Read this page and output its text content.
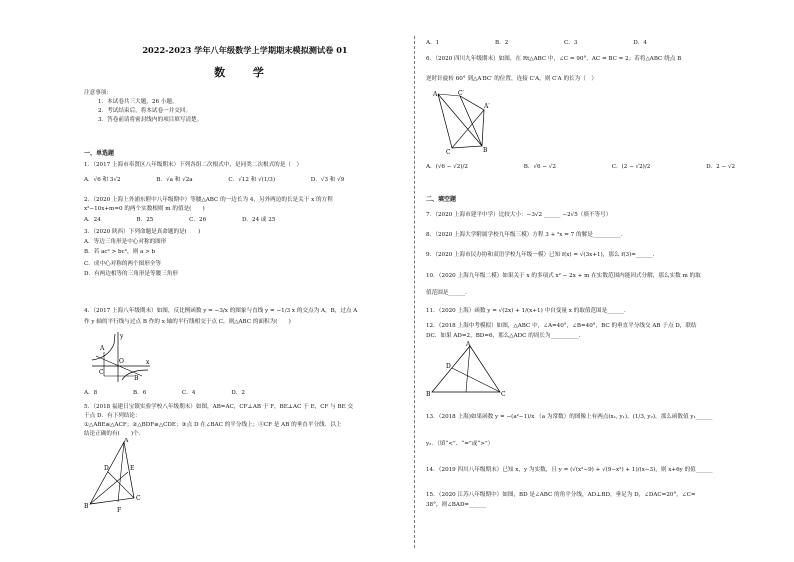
2022-2023 学年八年级数学上学期期末模拟测试卷 01
数 学
注意事项：
1．本试卷共三大题，26 小题。
2．考试结束后，将本试卷一并交回。
3．答卷前请将密封线内的项目填写清楚。
一、单选题
1．（2017 上海市奉贤区八年级期末）下列各组二次根式中，是同类二次根式的是（　）
A．√6 和 3√2	B．√a 和 √2a	C．√12 和 √(1/3)	D．√3 和 √9
2．（2020 上海上外浦东附中八年级期中）等腰△ABC 的一边长为 4，另外两边的长是关于 x 的方程
x²−10x+m=0 的两个实数根则 m 的值是(　　)
A．24	B．25	C．26	D．24 或 25
3．（2020 陕西）下列命题是真命题的是(　　)
A．等边三角形是中心对称的图形
B．若 ac² > bc²，则 a > b
C．成中心对称的两个图形全等
D．有两边相等的三角形是等腰三角形
4．（2017 上海八年级期末）如图，反比例函数 y = −3/x 的图象与直线 y = −1/3 x 的交点为 A，B，过点 A
作 y 轴的平行线与过点 B 作的 x 轴的平行线相交于点 C，则△ABC 的面积为(　　)
y
x
O
C
A
B
A．8	B．6	C．4	D．2
5．（2018 福建日宝镇实验学校八年级期末）如图，AB=AC，CF⊥AB 于 F，BE⊥AC 于 E，CF 与 BE 交
于点 D．有下列结论：
①△ABE≌△ACF；②△BDF≌△CDE；③点 D 在∠BAC 的平分线上；④CF 是 AB 的垂直平分线．以上
结论正确的有(　　)个．
A
B
C
F
E
D
A．1	B．2	C．3	D．4
6．（2020 四川九年级期末）如图，在 Rt△ABC 中，∠C = 90°，AC = BC = 2；若将△ABC 绕点 B
逆时针旋转 60° 到△A′BC′ 的位置，连接 C′A，则 C′A 的长为（　）
A
C	B
C′
A′
A．(√6 − √2)/2	B．√6 − √2	C．(2 − √2)/2	D．2 − √2
二、填空题
7．（2020 上海市建平中学）比较大小：−3√2 ______ −2√5（填不等号）
8．（2020 上海大学附属学校九年级三模）方程 3 + ²x = 7 的解是__________．
9．（2020 上海市民办协和双语学校九年级一模）已知 f(x) = √(3x+1)，那么 f(3)=______．
10．（2020 上海九年级二模）如果关于 x 的多项式 x² − 2x + m 在实数范围内能因式分解，那么实数 m 的取
值范围是______．
11．（2020 上海）函数 y = √(2x) + 1/(x+1) 中自变量 x 的取值范围是______．
12．（2018 上海中考模拟）如图，△ABC 中，∠A=40°，∠B=40°，BC 的垂直平分线交 AB 于点 D，联结
DC．如果 AD=2，BD=6，那么△ADC 的周长为__________．
A
B	C
D
13．（2018 上海)如果函数 y = −(a²−1)/x （a 为常数）的图像上有两点(x₁, y₁)、(1/3, y₂)，那么函数值 y₁______
y₂．（填“<”、“=”或“>”）
14．（2019 四川八年级期末）已知 x，y 为实数，且 y = (√(x²−9) + √(9−x²) + 1)/(x−3)，则 x+6y 的值______
15．（2020 江苏八年级期中）如图，BD 是∠ABC 的角平分线，AD⊥BD，垂足为 D，∠DAC=20°，∠C=
38°，则∠BAD=______
